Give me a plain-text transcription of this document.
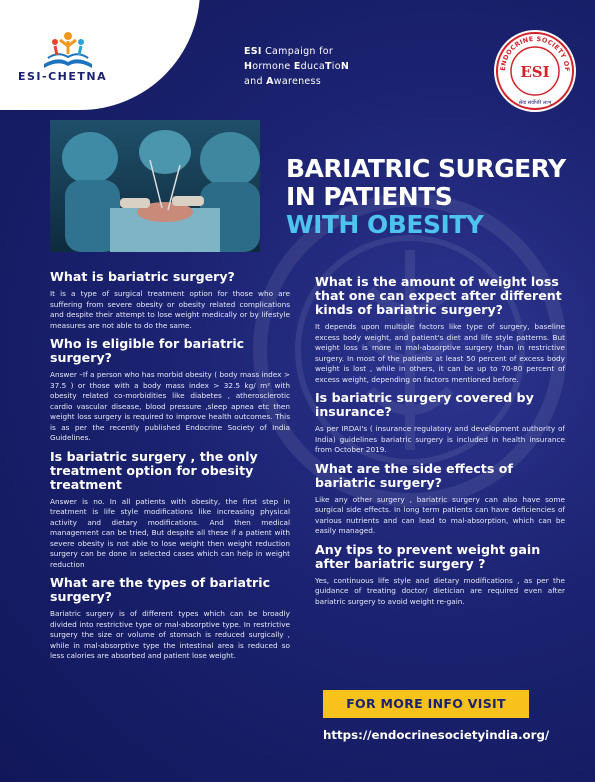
ESI-CHETNA
ESI Campaign for
Hormone EducaTioN
and Awareness
ENDOCRINE SOCIETY OF
ESI
सेवा सर्वोपरि लाभ्
BARIATRIC SURGERY
IN PATIENTS
WITH OBESITY

What is bariatric surgery?

It is a type of surgical treatment option for those who are suffering from severe obesity or obesity related complications and despite their attempt to lose weight medically or by lifestyle measures are not able to do the same.

Who is eligible for bariatric surgery?

Answer –If a person who has morbid obesity ( body mass index > 37.5 ) or those with a body mass index > 32.5 kg/ m² with obesity related co-morbidities like diabetes , atherosclerotic cardio vascular disease, blood pressure ,sleep apnea etc then weight loss surgery is required to improve health outcomes. This is as per the recently published Endocrine Society of India Guidelines.

Is bariatric surgery , the only treatment option for obesity treatment

Answer is no. In all patients with obesity, the first step in treatment is life style modifications like increasing physical activity and dietary modifications. And then medical management can be tried, But despite all these if a patient with severe obesity is not able to lose weight then weight reduction surgery can be done in selected cases which can help in weight reduction

What are the types of bariatric surgery?

Bariatric surgery is of different types which can be broadly divided into restrictive type or mal-absorptive type. In restrictive surgery the size or volume of stomach is reduced surgically , while in mal-absorptive type the intestinal area is reduced so less calories are absorbed and patient lose weight.

What is the amount of weight loss that one can expect after different kinds of bariatric surgery?

It depends upon multiple factors like type of surgery, baseline excess body weight, and patient's diet and life style patterns. But weight loss is more in mal-absorptive surgery than in restrictive surgery. In most of the patients at least 50 percent of excess body weight is lost , while in others, it can be up to 70-80 percent of excess weight, depending on factors mentioned before.

Is bariatric surgery covered by insurance?

As per IRDAI's ( insurance regulatory and development authority of India) guidelines bariatric surgery is included in health insurance from October 2019.

What are the side effects of bariatric surgery?

Like any other surgery , bariatric surgery can also have some surgical side effects. In long term patients can have deficiencies of various nutrients and can lead to mal-absorption, which can be easily managed.

Any tips to prevent weight gain after bariatric surgery ?

Yes, continuous life style and dietary modifications , as per the guidance of treating doctor/ dietician are required even after bariatric surgery to avoid weight re-gain.

FOR MORE INFO VISIT
https://endocrinesocietyindia.org/
